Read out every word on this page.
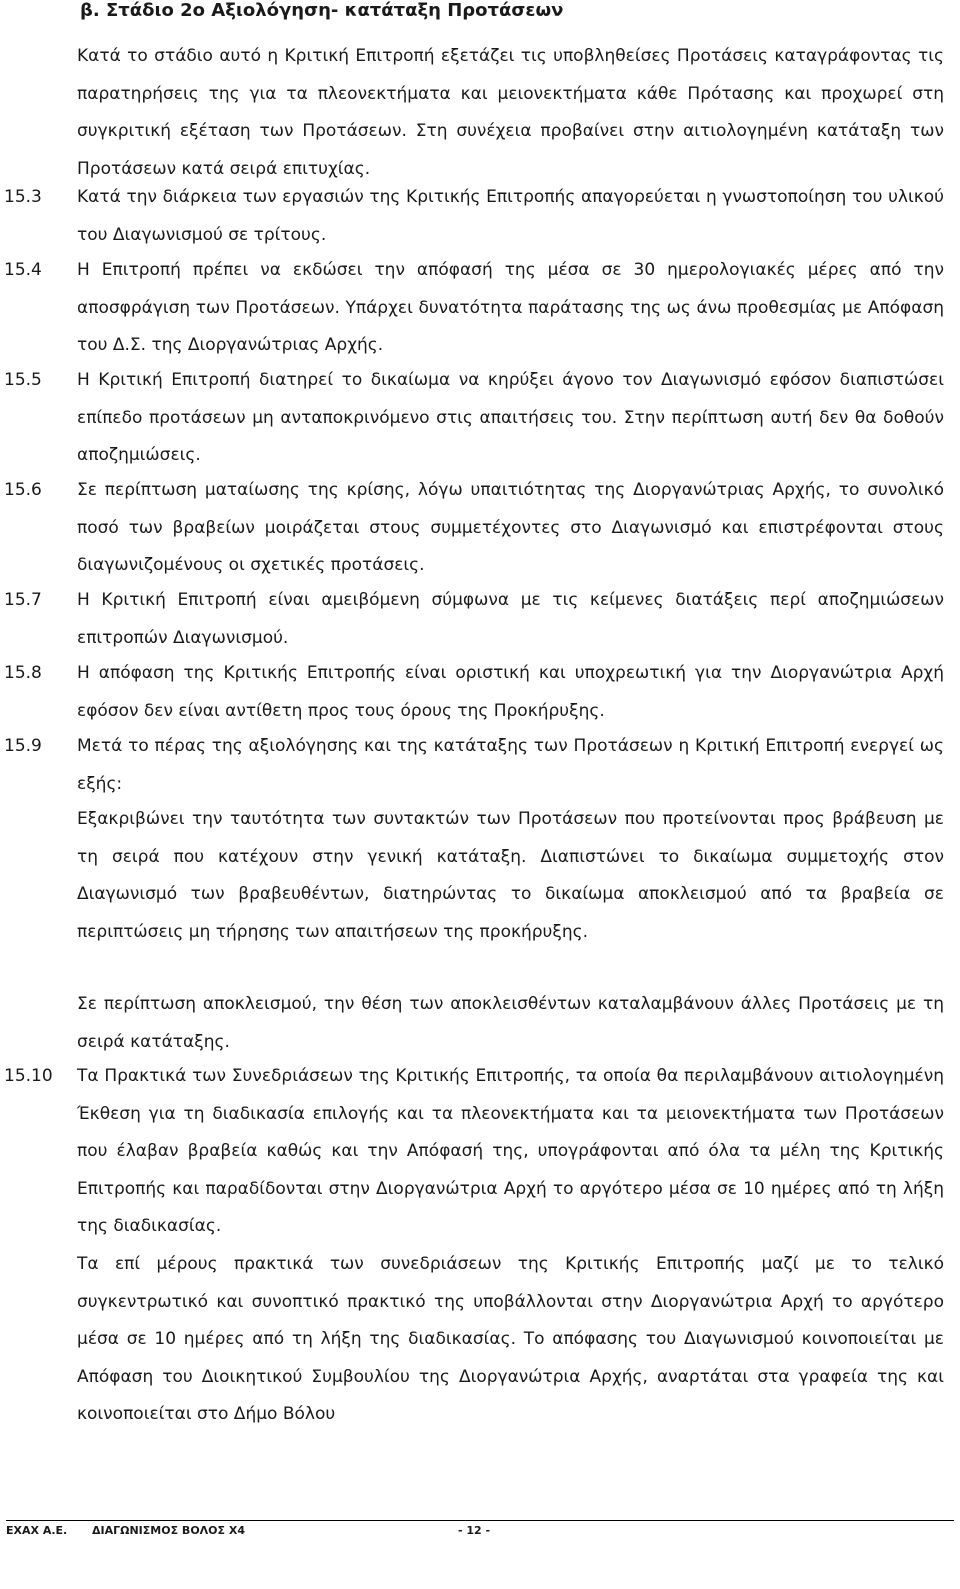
β. Στάδιο 2ο Αξιολόγηση- κατάταξη Προτάσεων
Κατά το στάδιο αυτό η Κριτική Επιτροπή εξετάζει τις υποβληθείσες Προτάσεις καταγράφοντας τις παρατηρήσεις της για τα πλεονεκτήματα και μειονεκτήματα κάθε Πρότασης και προχωρεί στη συγκριτική εξέταση των Προτάσεων. Στη συνέχεια προβαίνει στην αιτιολογημένη κατάταξη των Προτάσεων κατά σειρά επιτυχίας.
15.3	Κατά την διάρκεια των εργασιών της Κριτικής Επιτροπής απαγορεύεται η γνωστοποίηση του υλικού του Διαγωνισμού σε τρίτους.
15.4	Η Επιτροπή πρέπει να εκδώσει την απόφασή της μέσα σε 30 ημερολογιακές μέρες από την αποσφράγιση των Προτάσεων. Υπάρχει δυνατότητα παράτασης της ως άνω προθεσμίας με Απόφαση του Δ.Σ. της Διοργανώτριας Αρχής.
15.5	Η Κριτική Επιτροπή διατηρεί το δικαίωμα να κηρύξει άγονο τον Διαγωνισμό εφόσον διαπιστώσει επίπεδο προτάσεων μη ανταποκρινόμενο στις απαιτήσεις του. Στην περίπτωση αυτή δεν θα δοθούν αποζημιώσεις.
15.6	Σε περίπτωση ματαίωσης της κρίσης, λόγω υπαιτιότητας της Διοργανώτριας Αρχής, το συνολικό ποσό των βραβείων μοιράζεται στους συμμετέχοντες στο Διαγωνισμό και επιστρέφονται στους διαγωνιζομένους οι σχετικές προτάσεις.
15.7	Η Κριτική Επιτροπή είναι αμειβόμενη σύμφωνα με τις κείμενες διατάξεις περί αποζημιώσεων επιτροπών Διαγωνισμού.
15.8	Η απόφαση της Κριτικής Επιτροπής είναι οριστική και υποχρεωτική για την Διοργανώτρια Αρχή εφόσον δεν είναι αντίθετη προς τους όρους της Προκήρυξης.
15.9	Μετά το πέρας της αξιολόγησης και της κατάταξης των Προτάσεων η Κριτική Επιτροπή ενεργεί ως εξής:
Εξακριβώνει την ταυτότητα των συντακτών των Προτάσεων που προτείνονται προς βράβευση με τη σειρά που κατέχουν στην γενική κατάταξη. Διαπιστώνει το δικαίωμα συμμετοχής στον Διαγωνισμό των βραβευθέντων, διατηρώντας το δικαίωμα αποκλεισμού από τα βραβεία σε περιπτώσεις μη τήρησης των απαιτήσεων της προκήρυξης.
Σε περίπτωση αποκλεισμού, την θέση των αποκλεισθέντων καταλαμβάνουν άλλες Προτάσεις με τη σειρά κατάταξης.
15.10	Τα Πρακτικά των Συνεδριάσεων της Κριτικής Επιτροπής, τα οποία θα περιλαμβάνουν αιτιολογημένη Έκθεση για τη διαδικασία επιλογής και τα πλεονεκτήματα και τα μειονεκτήματα των Προτάσεων που έλαβαν βραβεία καθώς και την Απόφασή της, υπογράφονται από όλα τα μέλη της Κριτικής Επιτροπής και παραδίδονται στην Διοργανώτρια Αρχή το αργότερο μέσα σε 10 ημέρες από τη λήξη της διαδικασίας.
Τα επί μέρους πρακτικά των συνεδριάσεων της Κριτικής Επιτροπής μαζί με το τελικό συγκεντρωτικό και συνοπτικό πρακτικό της υποβάλλονται στην Διοργανώτρια Αρχή το αργότερο μέσα σε 10 ημέρες από τη λήξη της διαδικασίας. Το απόφασης του Διαγωνισμού κοινοποιείται με Απόφαση του Διοικητικού Συμβουλίου της Διοργανώτρια Αρχής, αναρτάται στα γραφεία της και κοινοποιείται στο Δήμο Βόλου

ΕΧΑΧ Α.Ε.

ΔΙΑΓΩΝΙΣΜΟΣ ΒΟΛΟΣ Χ4

	- 12 -
